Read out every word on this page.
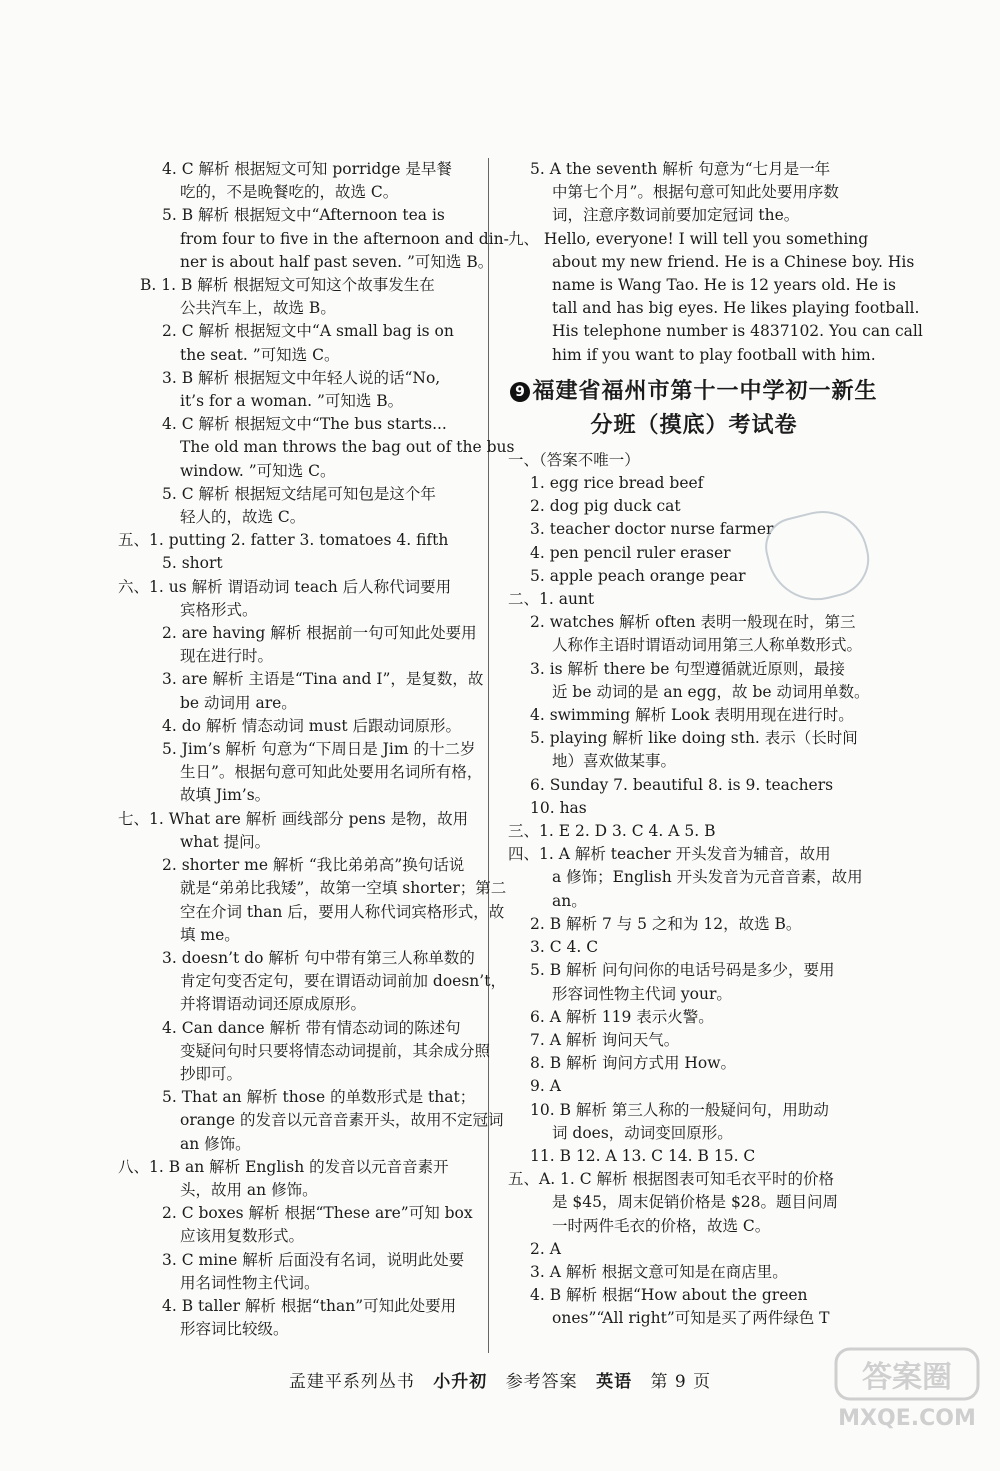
4. C 解析 根据短文可知 porridge 是早餐
吃的，不是晚餐吃的，故选 C。
5. B 解析 根据短文中“Afternoon tea is
from four to five in the afternoon and din-
ner is about half past seven. ”可知选 B。
B. 1. B 解析 根据短文可知这个故事发生在
公共汽车上，故选 B。
2. C 解析 根据短文中“A small bag is on
the seat. ”可知选 C。
3. B 解析 根据短文中年轻人说的话“No,
it’s for a woman. ”可知选 B。
4. C 解析 根据短文中“The bus starts...
The old man throws the bag out of the bus
window. ”可知选 C。
5. C 解析 根据短文结尾可知包是这个年
轻人的，故选 C。
五、1. putting 2. fatter 3. tomatoes 4. fifth
5. short
六、1. us 解析 谓语动词 teach 后人称代词要用
宾格形式。
2. are having 解析 根据前一句可知此处要用
现在进行时。
3. are 解析 主语是“Tina and I”，是复数，故
be 动词用 are。
4. do 解析 情态动词 must 后跟动词原形。
5. Jim’s 解析 句意为“下周日是 Jim 的十二岁
生日”。根据句意可知此处要用名词所有格，
故填 Jim’s。
七、1. What are 解析 画线部分 pens 是物，故用
what 提问。
2. shorter me 解析 “我比弟弟高”换句话说
就是“弟弟比我矮”，故第一空填 shorter；第二
空在介词 than 后，要用人称代词宾格形式，故
填 me。
3. doesn’t do 解析 句中带有第三人称单数的
肯定句变否定句，要在谓语动词前加 doesn’t，
并将谓语动词还原成原形。
4. Can dance 解析 带有情态动词的陈述句
变疑问句时只要将情态动词提前，其余成分照
抄即可。
5. That an 解析 those 的单数形式是 that；
orange 的发音以元音音素开头，故用不定冠词
an 修饰。
八、1. B an 解析 English 的发音以元音音素开
头，故用 an 修饰。
2. C boxes 解析 根据“These are”可知 box
应该用复数形式。
3. C mine 解析 后面没有名词，说明此处要
用名词性物主代词。
4. B taller 解析 根据“than”可知此处要用
形容词比较级。
5. A the seventh 解析 句意为“七月是一年
中第七个月”。根据句意可知此处要用序数
词，注意序数词前要加定冠词 the。
九、 Hello, everyone! I will tell you something
about my new friend. He is a Chinese boy. His
name is Wang Tao. He is 12 years old. He is
tall and has big eyes. He likes playing football.
His telephone number is 4837102. You can call
him if you want to play football with him.
9 福建省福州市第十一中学初一新生
分班（摸底）考试卷
一、（答案不唯一）
1. egg rice bread beef
2. dog pig duck cat
3. teacher doctor nurse farmer
4. pen pencil ruler eraser
5. apple peach orange pear
二、1. aunt
2. watches 解析 often 表明一般现在时，第三
人称作主语时谓语动词用第三人称单数形式。
3. is 解析 there be 句型遵循就近原则，最接
近 be 动词的是 an egg，故 be 动词用单数。
4. swimming 解析 Look 表明用现在进行时。
5. playing 解析 like doing sth. 表示（长时间
地）喜欢做某事。
6. Sunday 7. beautiful 8. is 9. teachers
10. has
三、1. E 2. D 3. C 4. A 5. B
四、1. A 解析 teacher 开头发音为辅音，故用
a 修饰；English 开头发音为元音音素，故用
an。
2. B 解析 7 与 5 之和为 12，故选 B。
3. C 4. C
5. B 解析 问句问你的电话号码是多少，要用
形容词性物主代词 your。
6. A 解析 119 表示火警。
7. A 解析 询问天气。
8. B 解析 询问方式用 How。
9. A
10. B 解析 第三人称的一般疑问句，用助动
词 does，动词变回原形。
11. B 12. A 13. C 14. B 15. C
五、A. 1. C 解析 根据图表可知毛衣平时的价格
是 $45，周末促销价格是 $28。题目问周
一时两件毛衣的价格，故选 C。
2. A
3. A 解析 根据文意可知是在商店里。
4. B 解析 根据“How about the green
ones”“All right”可知是买了两件绿色 T
孟建平系列丛书 小升初 参考答案 英语 第 9 页	答案圈
MXQE.COM
